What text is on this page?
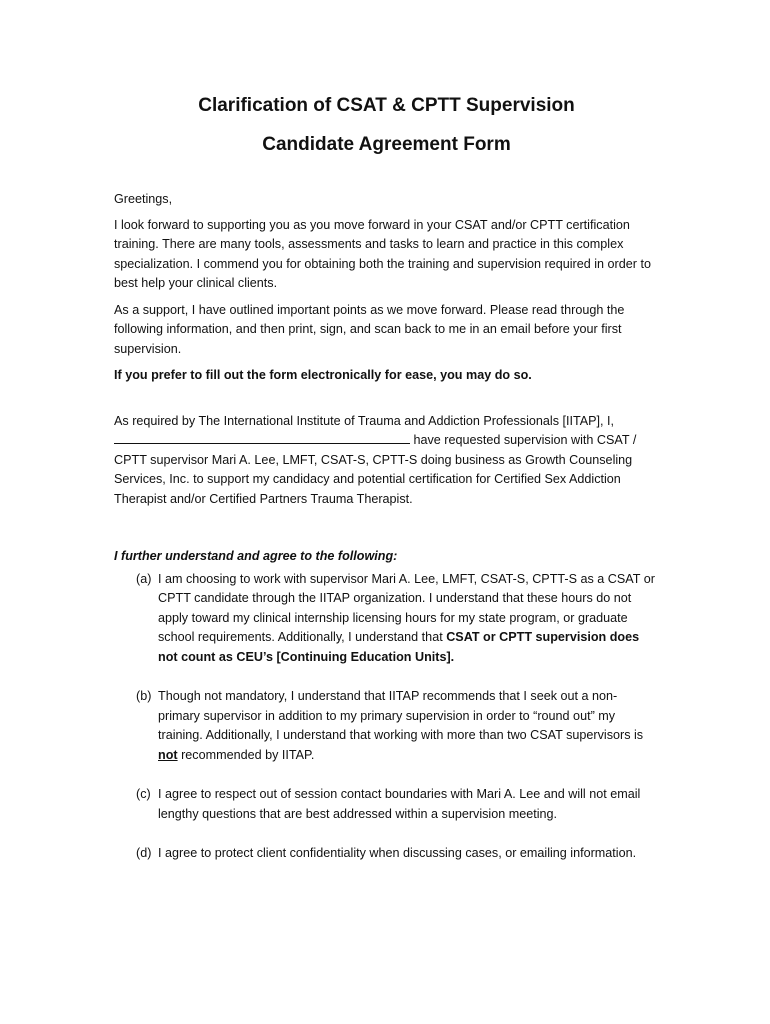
Clarification of CSAT & CPTT Supervision
Candidate Agreement Form

Greetings,

I look forward to supporting you as you move forward in your CSAT and/or CPTT certification training. There are many tools, assessments and tasks to learn and practice in this complex specialization. I commend you for obtaining both the training and supervision required in order to best help your clinical clients.

As a support, I have outlined important points as we move forward. Please read through the following information, and then print, sign, and scan back to me in an email before your first supervision.

If you prefer to fill out the form electronically for ease, you may do so.

As required by The International Institute of Trauma and Addiction Professionals [IITAP], I,  have requested supervision with CSAT / CPTT supervisor Mari A. Lee, LMFT, CSAT-S, CPTT-S doing business as Growth Counseling Services, Inc. to support my candidacy and potential certification for Certified Sex Addiction Therapist and/or Certified Partners Trauma Therapist.

I further understand and agree to the following:

(a) I am choosing to work with supervisor Mari A. Lee, LMFT, CSAT-S, CPTT-S as a CSAT or CPTT candidate through the IITAP organization. I understand that these hours do not apply toward my clinical internship licensing hours for my state program, or graduate school requirements. Additionally, I understand that CSAT or CPTT supervision does not count as CEU’s [Continuing Education Units].
(b) Though not mandatory, I understand that IITAP recommends that I seek out a non-primary supervisor in addition to my primary supervision in order to “round out” my training. Additionally, I understand that working with more than two CSAT supervisors is not recommended by IITAP.
(c) I agree to respect out of session contact boundaries with Mari A. Lee and will not email lengthy questions that are best addressed within a supervision meeting.
(d) I agree to protect client confidentiality when discussing cases, or emailing information.
